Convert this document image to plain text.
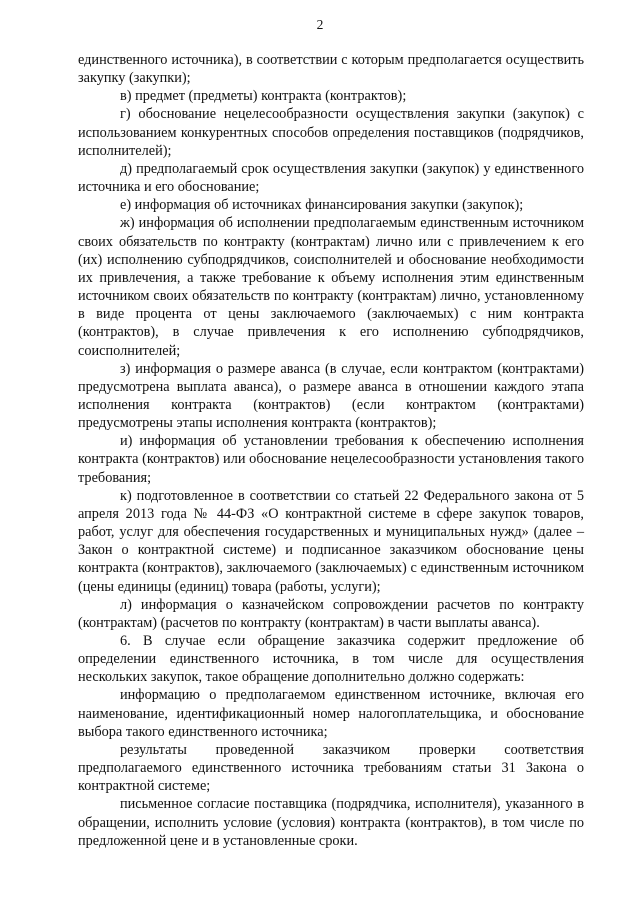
2

единственного источника), в соответствии с которым предполагается осуществить закупку (закупки);

в) предмет (предметы) контракта (контрактов);

г) обоснование нецелесообразности осуществления закупки (закупок) с использованием конкурентных способов определения поставщиков (подрядчиков, исполнителей);

д) предполагаемый срок осуществления закупки (закупок) у единственного источника и его обоснование;

е) информация об источниках финансирования закупки (закупок);

ж) информация об исполнении предполагаемым единственным источником своих обязательств по контракту (контрактам) лично или с привлечением к его (их) исполнению субподрядчиков, соисполнителей и обоснование необходимости их привлечения, а также требование к объему исполнения этим единственным источником своих обязательств по контракту (контрактам) лично, установленному в виде процента от цены заключаемого (заключаемых) с ним контракта (контрактов), в случае привлечения к его исполнению субподрядчиков, соисполнителей;

з) информация о размере аванса (в случае, если контрактом (контрактами) предусмотрена выплата аванса), о размере аванса в отношении каждого этапа исполнения контракта (контрактов) (если контрактом (контрактами) предусмотрены этапы исполнения контракта (контрактов);

и) информация об установлении требования к обеспечению исполнения контракта (контрактов) или обоснование нецелесообразности установления такого требования;

к) подготовленное в соответствии со статьей 22 Федерального закона от 5 апреля 2013 года № 44-ФЗ «О контрактной системе в сфере закупок товаров, работ, услуг для обеспечения государственных и муниципальных нужд» (далее – Закон о контрактной системе) и подписанное заказчиком обоснование цены контракта (контрактов), заключаемого (заключаемых) с единственным источником (цены единицы (единиц) товара (работы, услуги);

л) информация о казначейском сопровождении расчетов по контракту (контрактам) (расчетов по контракту (контрактам) в части выплаты аванса).

6. В случае если обращение заказчика содержит предложение об определении единственного источника, в том числе для осуществления нескольких закупок, такое обращение дополнительно должно содержать:

информацию о предполагаемом единственном источнике, включая его наименование, идентификационный номер налогоплательщика, и обоснование выбора такого единственного источника;

результаты проведенной заказчиком проверки соответствия предполагаемого единственного источника требованиям статьи 31 Закона о контрактной системе;

письменное согласие поставщика (подрядчика, исполнителя), указанного в обращении, исполнить условие (условия) контракта (контрактов), в том числе по предложенной цене и в установленные сроки.
